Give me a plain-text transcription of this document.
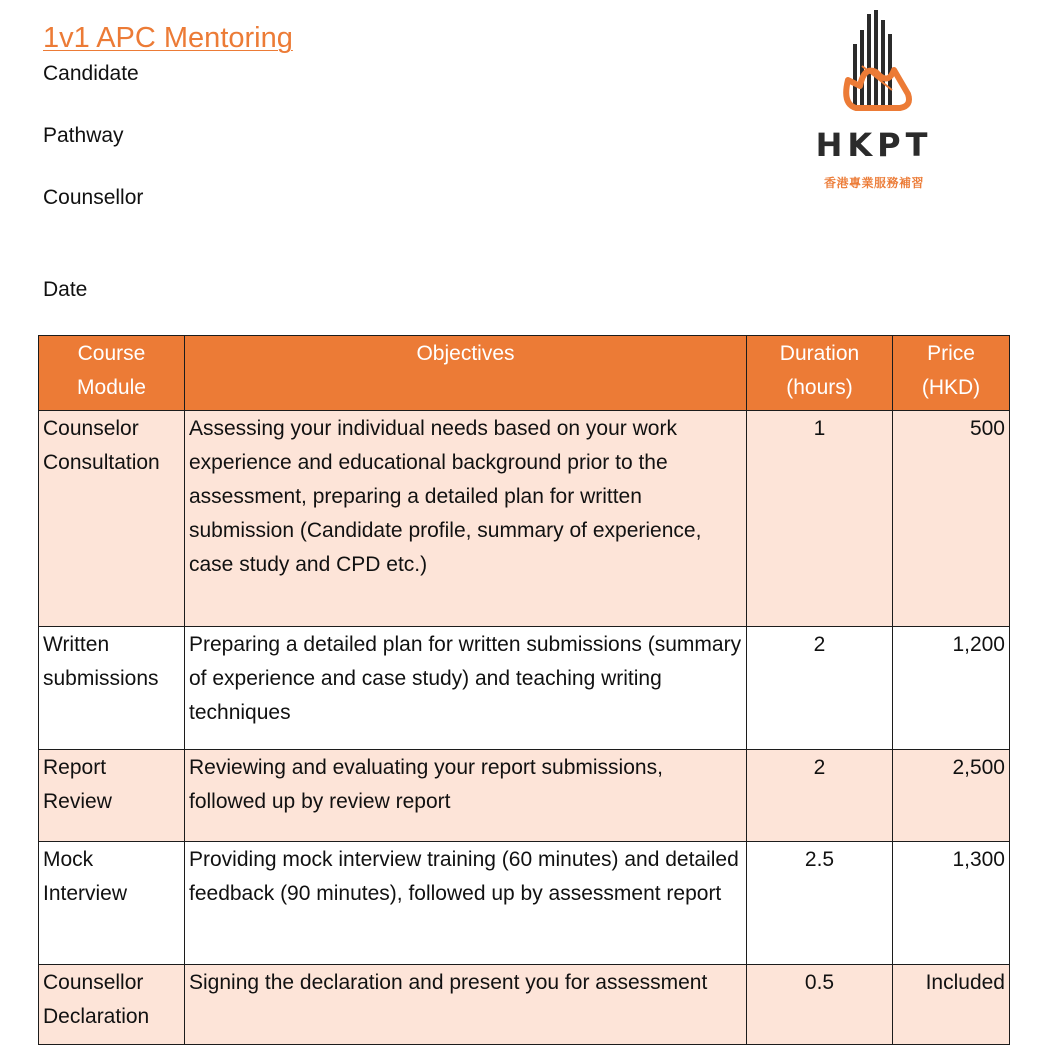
1v1 APC Mentoring
Candidate
Pathway
Counsellor
Date
HKPT
香港專業服務補習
Course Module	Objectives	Duration (hours)	Price (HKD)
Counselor Consultation	Assessing your individual needs based on your work experience and educational background prior to the assessment, preparing a detailed plan for written submission (Candidate profile, summary of experience, case study and CPD etc.)	1	500
Written submissions	Preparing a detailed plan for written submissions (summary of experience and case study) and teaching writing techniques	2	1,200
Report Review	Reviewing and evaluating your report submissions, followed up by review report	2	2,500
Mock Interview	Providing mock interview training (60 minutes) and detailed feedback (90 minutes), followed up by assessment report	2.5	1,300
Counsellor Declaration	Signing the declaration and present you for assessment	0.5	Included
